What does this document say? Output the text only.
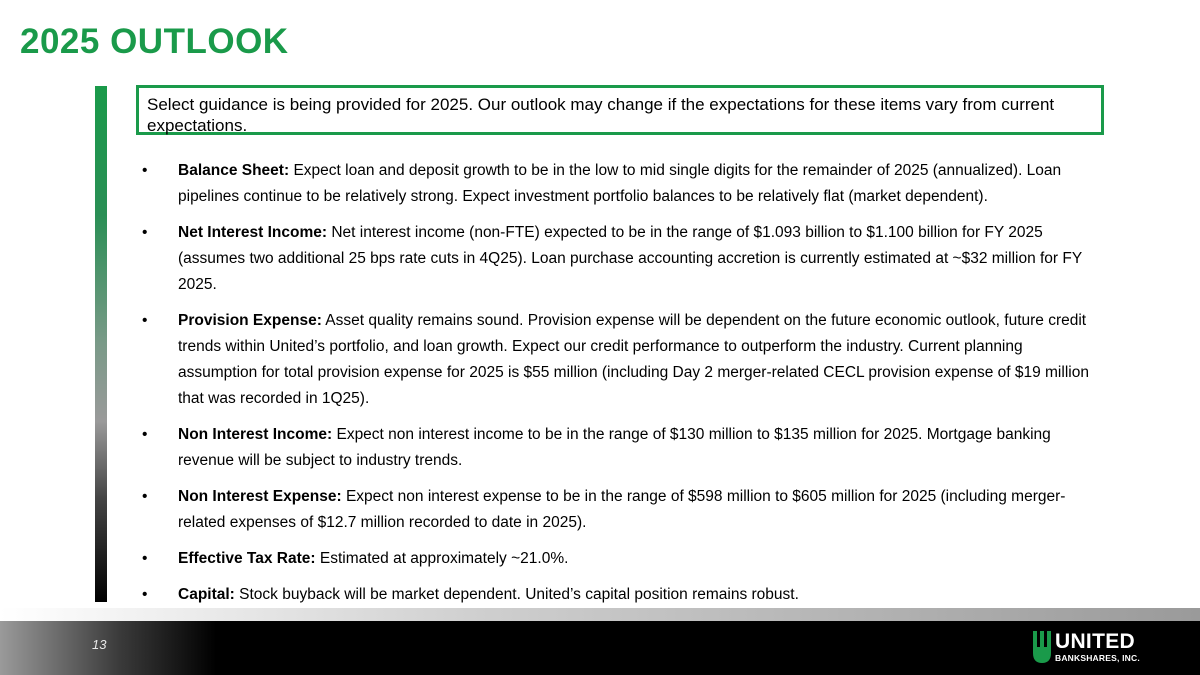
2025 OUTLOOK
Select guidance is being provided for 2025. Our outlook may change if the expectations for these items vary from current expectations.
•	Balance Sheet: Expect loan and deposit growth to be in the low to mid single digits for the remainder of 2025 (annualized). Loan pipelines continue to be relatively strong. Expect investment portfolio balances to be relatively flat (market dependent).
•	Net Interest Income: Net interest income (non-FTE) expected to be in the range of $1.093 billion to $1.100 billion for FY 2025 (assumes two additional 25 bps rate cuts in 4Q25). Loan purchase accounting accretion is currently estimated at ~$32 million for FY 2025.
•	Provision Expense: Asset quality remains sound. Provision expense will be dependent on the future economic outlook, future credit trends within United’s portfolio, and loan growth. Expect our credit performance to outperform the industry. Current planning assumption for total provision expense for 2025 is $55 million (including Day 2 merger-related CECL provision expense of $19 million that was recorded in 1Q25).
•	Non Interest Income: Expect non interest income to be in the range of $130 million to $135 million for 2025. Mortgage banking revenue will be subject to industry trends.
•	Non Interest Expense: Expect non interest expense to be in the range of $598 million to $605 million for 2025 (including merger-related expenses of $12.7 million recorded to date in 2025).
•	Effective Tax Rate: Estimated at approximately ~21.0%.
•	Capital: Stock buyback will be market dependent. United’s capital position remains robust.
13	UNITED
BANKSHARES, INC.
